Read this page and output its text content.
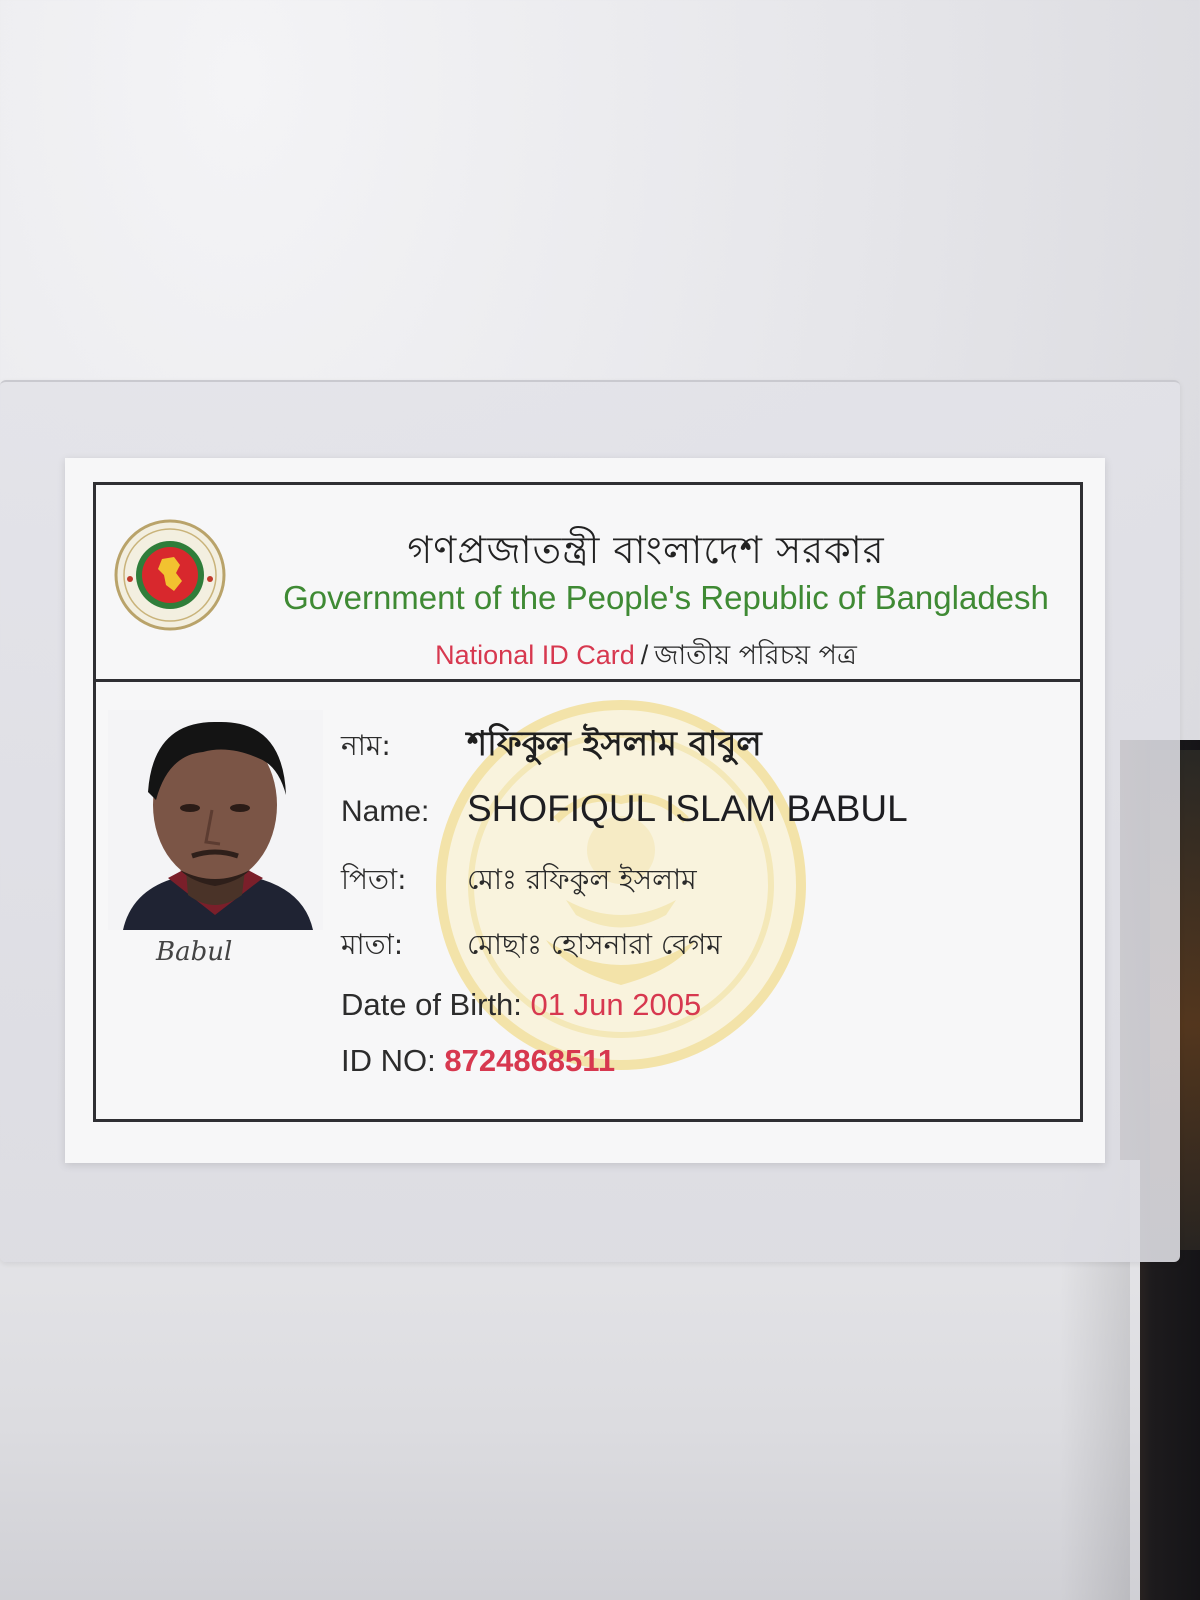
গণপ্রজাতন্ত্রী বাংলাদেশ সরকার
Government of the People's Republic of Bangladesh
National ID Card / জাতীয় পরিচয় পত্র
Babul
নাম: শফিকুল ইসলাম বাবুল
Name: SHOFIQUL ISLAM BABUL
পিতা: মোঃ রফিকুল ইসলাম
মাতা: মোছাঃ হোসনারা বেগম
Date of Birth: 01 Jun 2005
ID NO: 8724868511
